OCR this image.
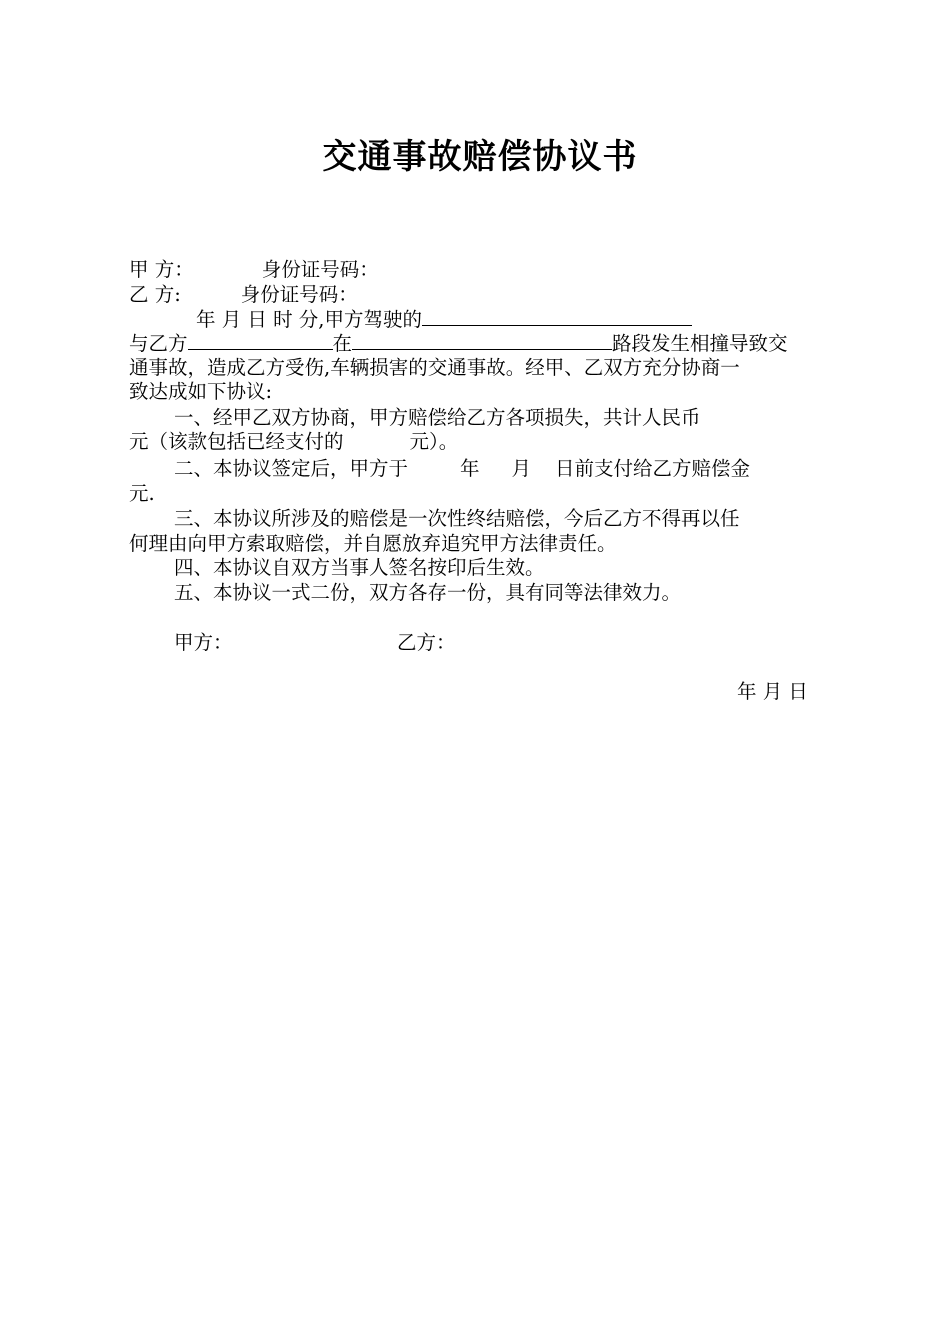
交通事故赔偿协议书
甲 方：	身份证号码：
乙 方:	身份证号码：
年 月 日 时 分,甲方驾驶的
与乙方	在	路段发生相撞导致交
通事故，造成乙方受伤,车辆损害的交通事故。经甲、乙双方充分协商一
致达成如下协议:
一、经甲乙双方协商，甲方赔偿给乙方各项损失，共计人民币
元（该款包括已经支付的	元）。
二、本协议签定后，甲方于	年 月 日前支付给乙方赔偿金
元.
三、本协议所涉及的赔偿是一次性终结赔偿，今后乙方不得再以任
何理由向甲方索取赔偿，并自愿放弃追究甲方法律责任。
四、本协议自双方当事人签名按印后生效。
五、本协议一式二份，双方各存一份，具有同等法律效力。
甲方：	乙方：
年 月 日
